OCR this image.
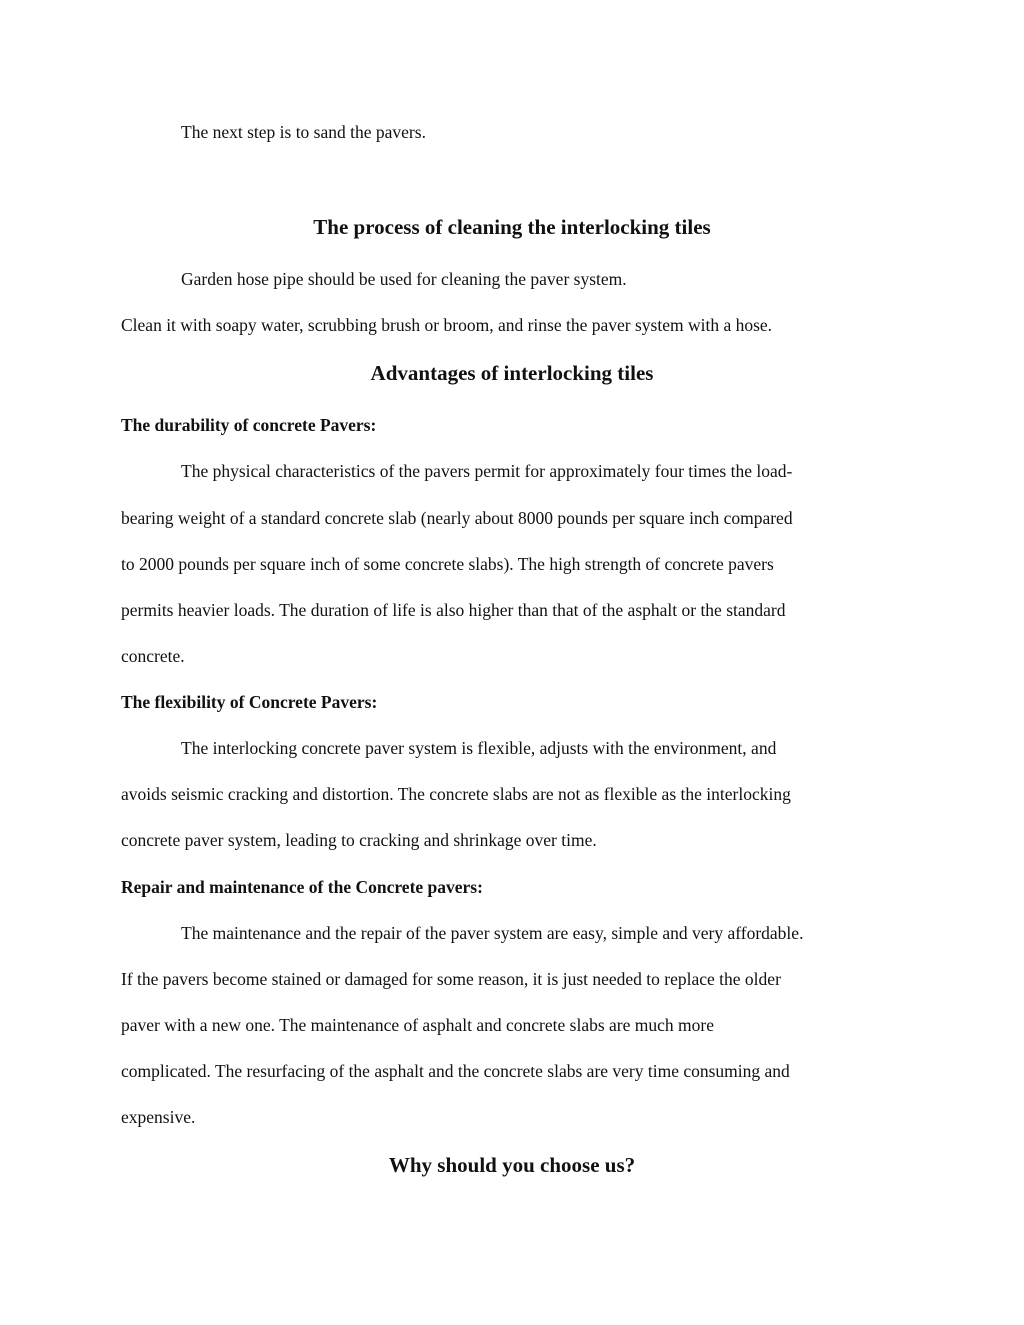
The next step is to sand the pavers.
The process of cleaning the interlocking tiles
Garden hose pipe should be used for cleaning the paver system.
Clean it with soapy water, scrubbing brush or broom, and rinse the paver system with a hose.
Advantages of interlocking tiles
The durability of concrete Pavers:
The physical characteristics of the pavers permit for approximately four times the load-
bearing weight of a standard concrete slab (nearly about 8000 pounds per square inch compared
to 2000 pounds per square inch of some concrete slabs). The high strength of concrete pavers
permits heavier loads. The duration of life is also higher than that of the asphalt or the standard
concrete.
The flexibility of Concrete Pavers:
The interlocking concrete paver system is flexible, adjusts with the environment, and
avoids seismic cracking and distortion. The concrete slabs are not as flexible as the interlocking
concrete paver system, leading to cracking and shrinkage over time.
Repair and maintenance of the Concrete pavers:
The maintenance and the repair of the paver system are easy, simple and very affordable.
If the pavers become stained or damaged for some reason, it is just needed to replace the older
paver with a new one. The maintenance of asphalt and concrete slabs are much more
complicated. The resurfacing of the asphalt and the concrete slabs are very time consuming and
expensive.
Why should you choose us?
